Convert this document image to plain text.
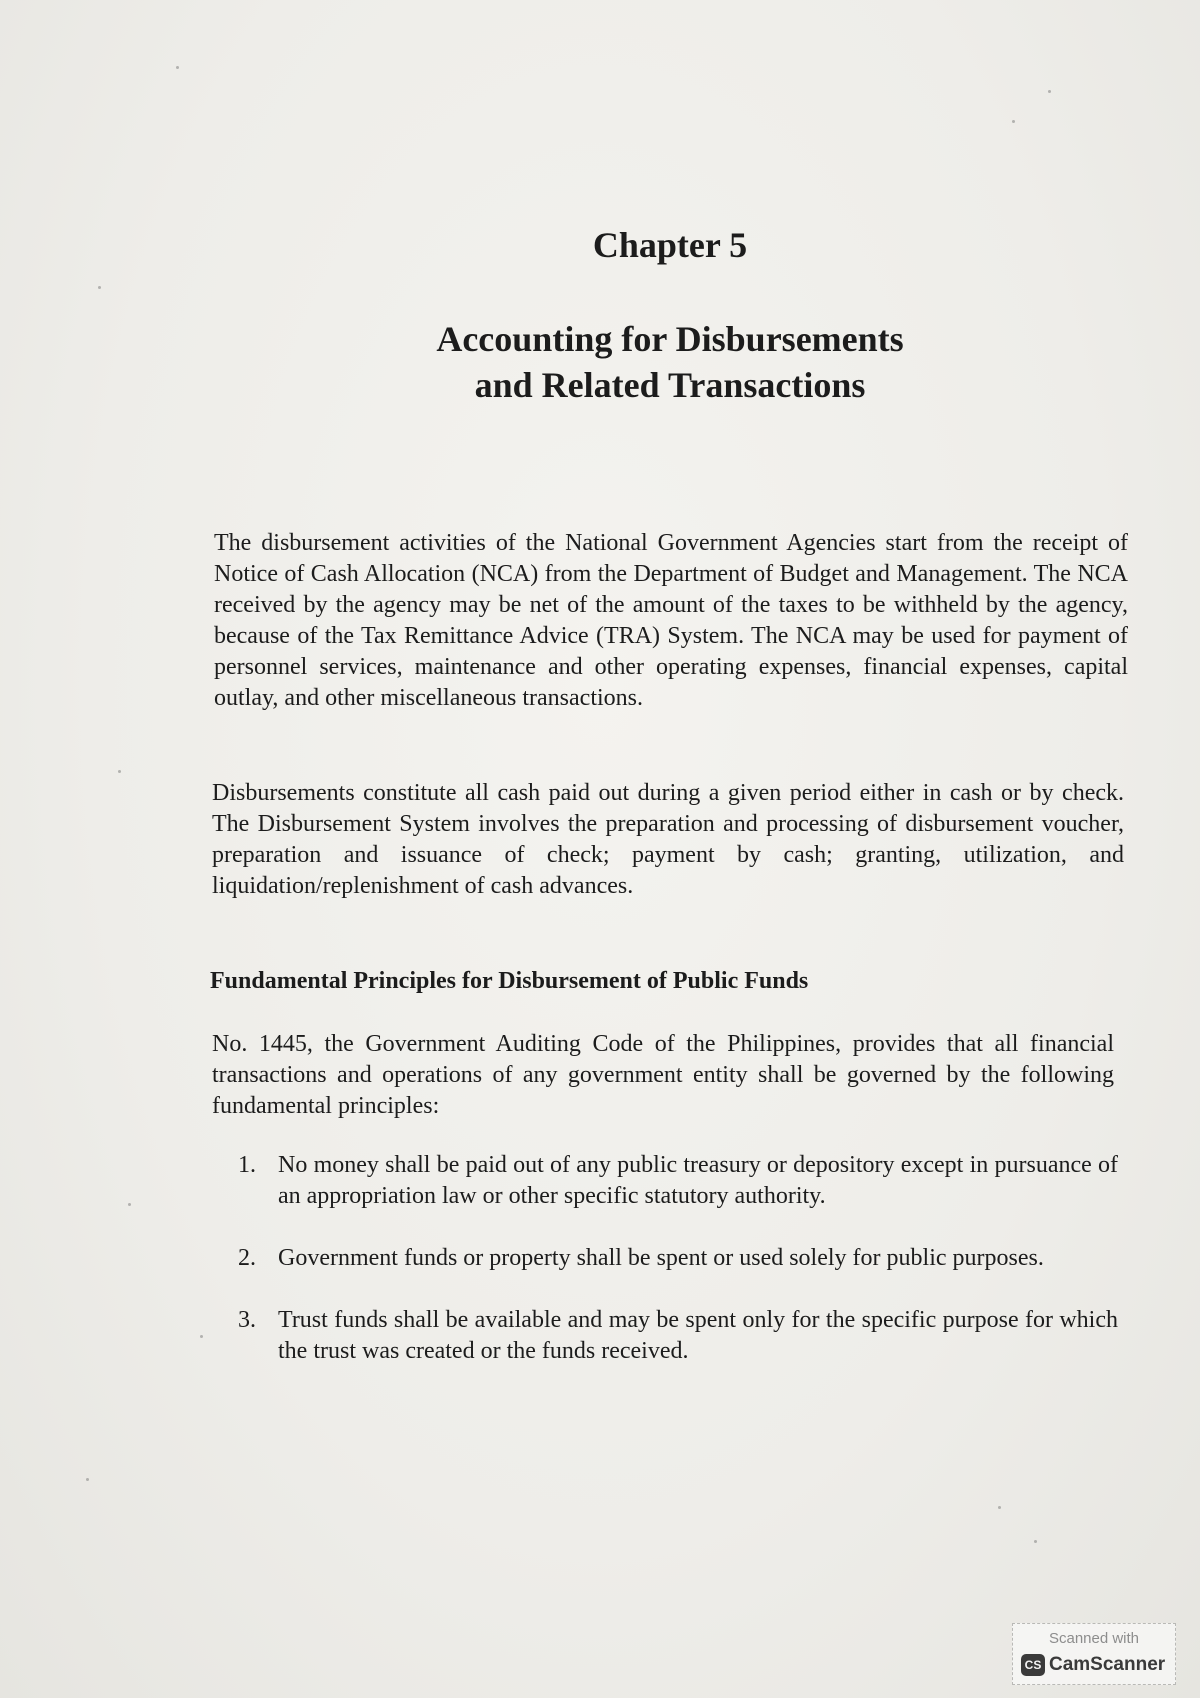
Chapter 5
Accounting for Disbursements
and Related Transactions

The disbursement activities of the National Government Agencies start from the receipt of Notice of Cash Allocation (NCA) from the Department of Budget and Management. The NCA received by the agency may be net of the amount of the taxes to be withheld by the agency, because of the Tax Remittance Advice (TRA) System. The NCA may be used for payment of personnel services, maintenance and other operating expenses, financial expenses, capital outlay, and other miscellaneous transactions.

Disbursements constitute all cash paid out during a given period either in cash or by check. The Disbursement System involves the preparation and processing of disbursement voucher, preparation and issuance of check; payment by cash; granting, utilization, and liquidation/replenishment of cash advances.

Fundamental Principles for Disbursement of Public Funds

No. 1445, the Government Auditing Code of the Philippines, provides that all financial transactions and operations of any government entity shall be governed by the following fundamental principles:

1. No money shall be paid out of any public treasury or depository except in pursuance of an appropriation law or other specific statutory authority.
2. Government funds or property shall be spent or used solely for public purposes.
3. Trust funds shall be available and may be spent only for the specific purpose for which the trust was created or the funds received.
Scanned with
CS CamScanner
